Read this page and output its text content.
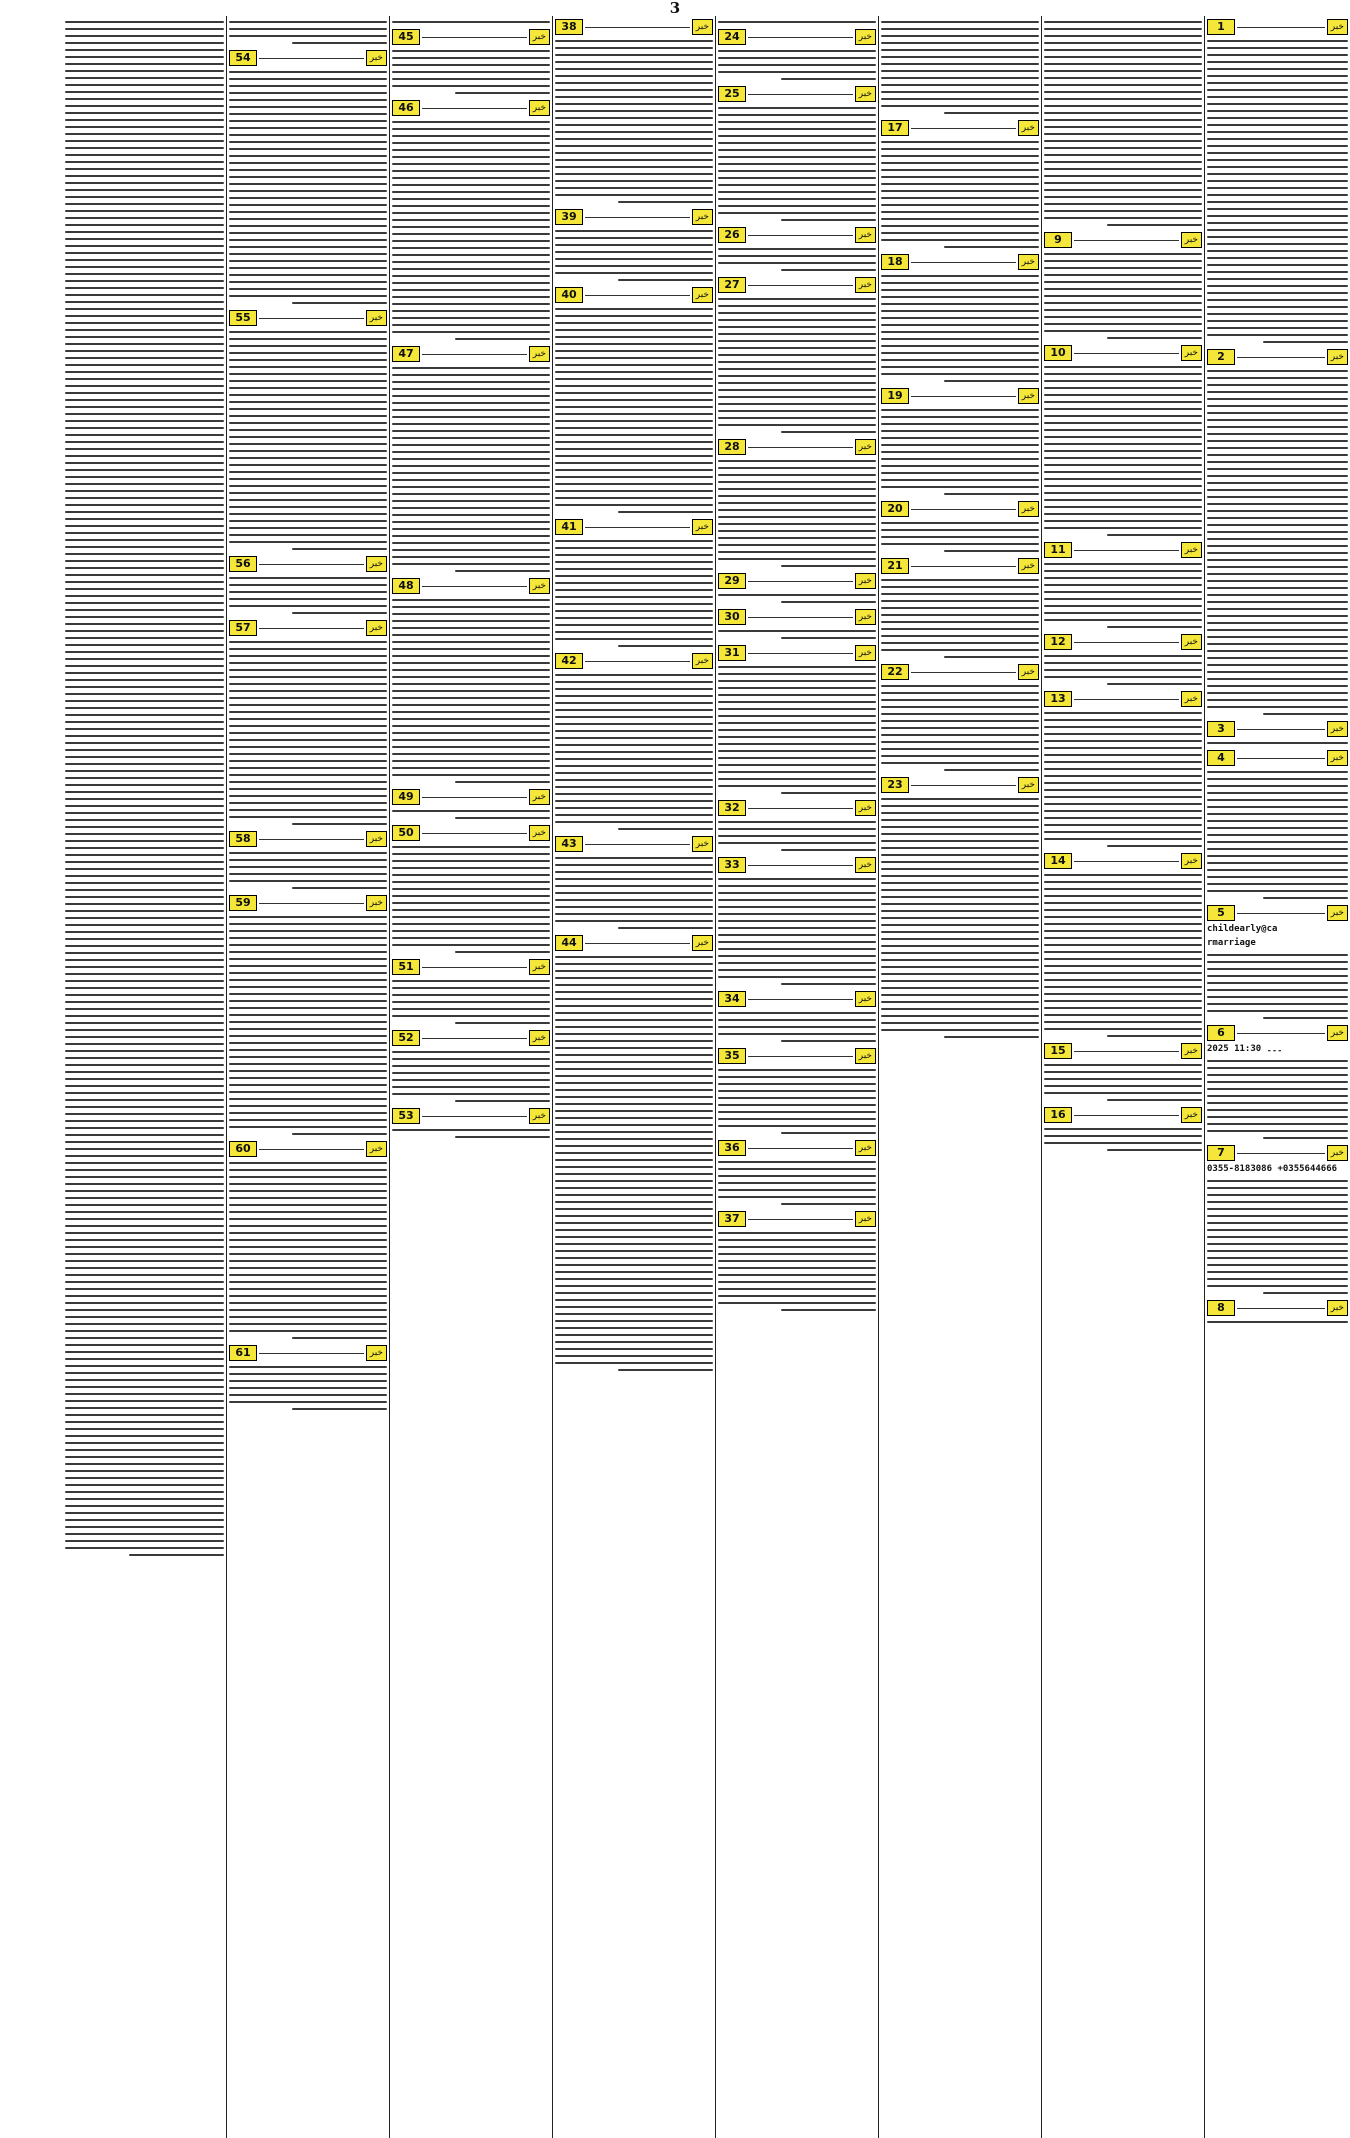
3
خبر
1
خبر
2
خبر
3
خبر
4
خبر
5
childearly@ca
rmarriage
خبر
6
2025 ۔۔۔ 11:30
خبر
7
0355-8183086 +0355644666
خبر
8
خبر
9
خبر
10
خبر
11
خبر
12
خبر
13
خبر
14
خبر
15
خبر
16
خبر
17
خبر
18
خبر
19
خبر
20
خبر
21
خبر
22
خبر
23
خبر
24
خبر
25
خبر
26
خبر
27
خبر
28
خبر
29
خبر
30
خبر
31
خبر
32
خبر
33
خبر
34
خبر
35
خبر
36
خبر
37
خبر
38
خبر
39
خبر
40
خبر
41
خبر
42
خبر
43
خبر
44
خبر
45
خبر
46
خبر
47
خبر
48
خبر
49
خبر
50
خبر
51
خبر
52
خبر
53
خبر
54
خبر
55
خبر
56
خبر
57
خبر
58
خبر
59
خبر
60
خبر
61
